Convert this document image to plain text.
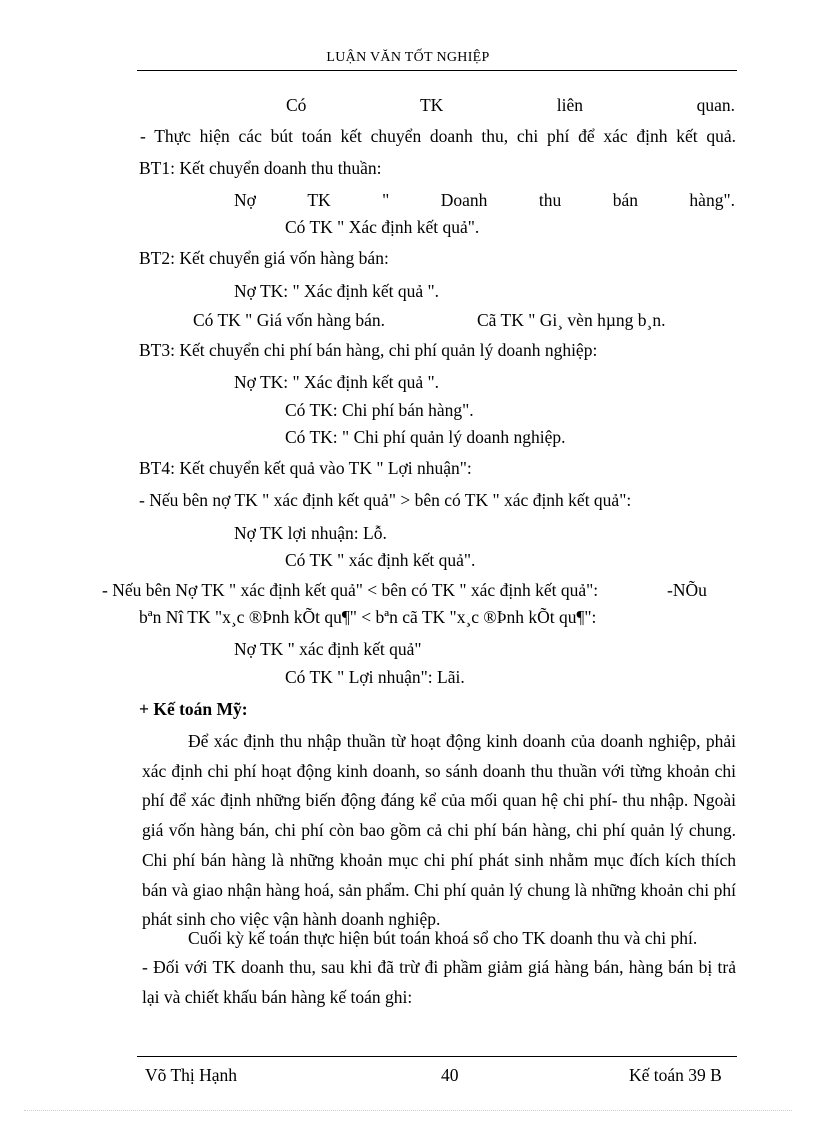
LUẬN VĂN TỐT NGHIỆP
Có	TK	liên	quan.
- Thực hiện các bút toán kết chuyển doanh thu, chi phí để xác định kết quả.
BT1: Kết chuyển doanh thu thuần:
Nợ	TK	"	Doanh	thu	bán	hàng".
Có TK " Xác định kết quả".
BT2: Kết chuyển giá vốn hàng bán:
Nợ TK: " Xác định kết quả ".
Có TK " Giá vốn hàng bán.	Cã TK " Gi¸ vèn hµng b¸n.
BT3: Kết chuyển chi phí bán hàng, chi phí quản lý doanh nghiệp:
Nợ TK: " Xác định kết quả ".
Có TK: Chi phí bán hàng".
Có TK: " Chi phí quản lý doanh nghiệp.
BT4: Kết chuyển kết quả vào TK " Lợi nhuận":
- Nếu bên nợ TK " xác định kết quả" > bên có TK " xác định kết quả":
Nợ TK lợi nhuận: Lỗ.
Có TK " xác định kết quả".
- Nếu bên Nợ TK " xác định kết quả" < bên có TK " xác định kết quả":	-NÕu
bªn Nî TK "x¸c ®Þnh kÕt qu¶" < bªn cã TK "x¸c ®Þnh kÕt qu¶":
Nợ TK " xác định kết quả"
Có TK " Lợi nhuận": Lãi.
+ Kế toán Mỹ:
Để xác định thu nhập thuần từ hoạt động kinh doanh của doanh nghiệp, phải xác định chi phí hoạt động kinh doanh, so sánh doanh thu thuần với từng khoản chi phí để xác định những biến động đáng kể của mối quan hệ chi phí- thu nhập. Ngoài giá vốn hàng bán, chi phí còn bao gồm cả chi phí bán hàng, chi phí quản lý chung. Chi phí bán hàng là những khoản mục chi phí phát sinh nhằm mục đích kích thích bán và giao nhận hàng hoá, sản phẩm. Chi phí quản lý chung là những khoản chi phí phát sinh cho việc vận hành doanh nghiệp.
Cuối kỳ kế toán thực hiện bút toán khoá sổ cho TK doanh thu và chi phí.
- Đối với TK doanh thu, sau khi đã trừ đi phầm giảm giá hàng bán, hàng bán bị trả lại và chiết khấu bán hàng kế toán ghi:
Võ Thị Hạnh	40	Kế toán 39 B
